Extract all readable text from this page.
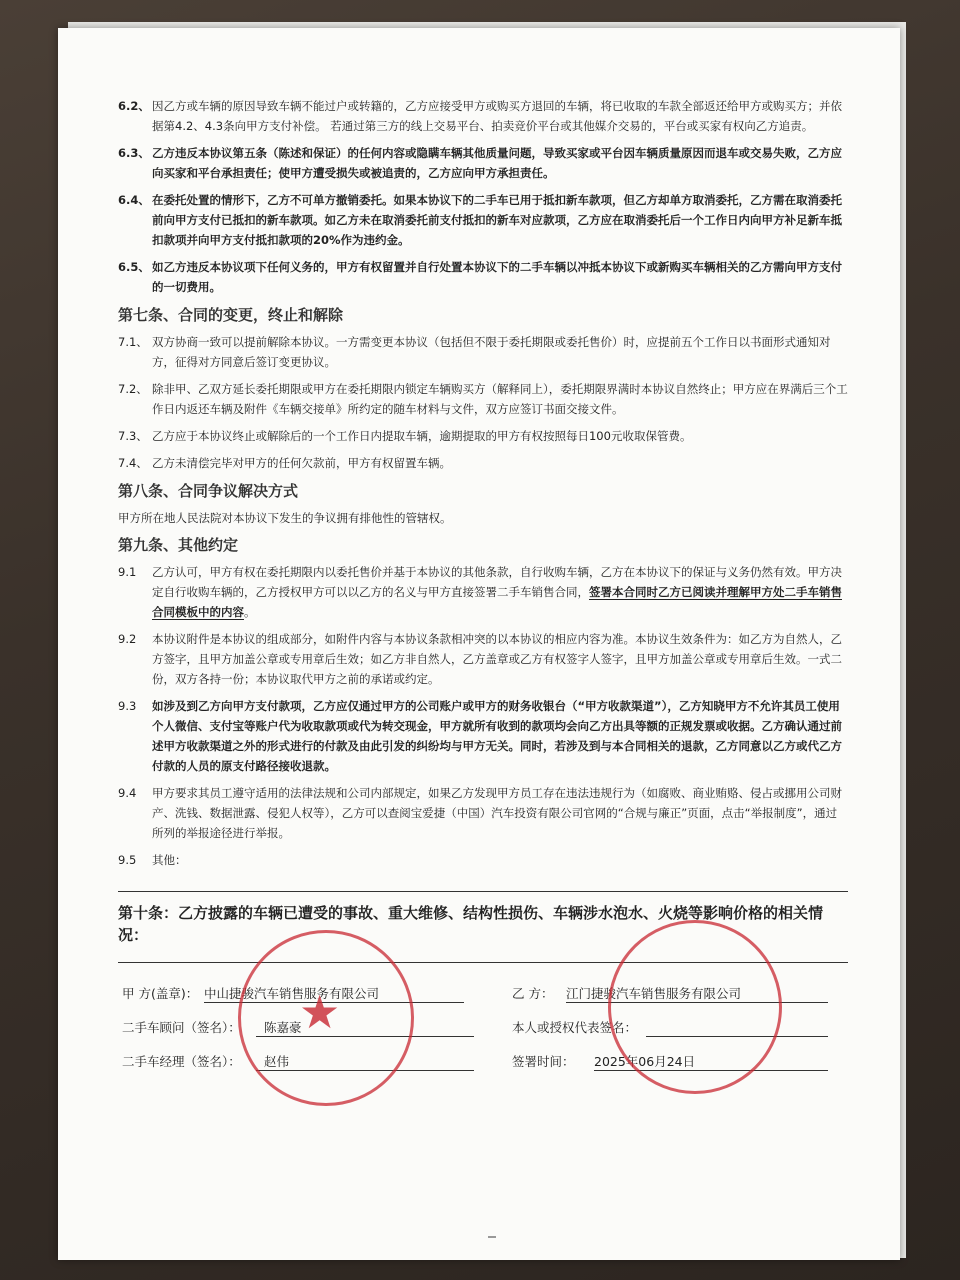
6.2、 因乙方或车辆的原因导致车辆不能过户或转籍的，乙方应接受甲方或购买方退回的车辆，将已收取的车款全部返还给甲方或购买方；并依据第4.2、4.3条向甲方支付补偿。 若通过第三方的线上交易平台、拍卖竞价平台或其他媒介交易的，平台或买家有权向乙方追责。
6.3、 乙方违反本协议第五条（陈述和保证）的任何内容或隐瞒车辆其他质量问题，导致买家或平台因车辆质量原因而退车或交易失败，乙方应向买家和平台承担责任；使甲方遭受损失或被追责的，乙方应向甲方承担责任。
6.4、 在委托处置的情形下，乙方不可单方撤销委托。如果本协议下的二手车已用于抵扣新车款项，但乙方却单方取消委托，乙方需在取消委托前向甲方支付已抵扣的新车款项。如乙方未在取消委托前支付抵扣的新车对应款项，乙方应在取消委托后一个工作日内向甲方补足新车抵扣款项并向甲方支付抵扣款项的20%作为违约金。
6.5、 如乙方违反本协议项下任何义务的，甲方有权留置并自行处置本协议下的二手车辆以冲抵本协议下或新购买车辆相关的乙方需向甲方支付的一切费用。
第七条、合同的变更，终止和解除
7.1、 双方协商一致可以提前解除本协议。一方需变更本协议（包括但不限于委托期限或委托售价）时，应提前五个工作日以书面形式通知对方，征得对方同意后签订变更协议。
7.2、 除非甲、乙双方延长委托期限或甲方在委托期限内锁定车辆购买方（解释同上），委托期限界满时本协议自然终止；甲方应在界满后三个工作日内返还车辆及附件《车辆交接单》所约定的随车材料与文件，双方应签订书面交接文件。
7.3、 乙方应于本协议终止或解除后的一个工作日内提取车辆，逾期提取的甲方有权按照每日100元收取保管费。
7.4、 乙方未清偿完毕对甲方的任何欠款前，甲方有权留置车辆。
第八条、合同争议解决方式
甲方所在地人民法院对本协议下发生的争议拥有排他性的管辖权。
第九条、其他约定
9.1	乙方认可，甲方有权在委托期限内以委托售价并基于本协议的其他条款，自行收购车辆，乙方在本协议下的保证与义务仍然有效。甲方决定自行收购车辆的，乙方授权甲方可以以乙方的名义与甲方直接签署二手车销售合同，签署本合同时乙方已阅读并理解甲方处二手车销售合同模板中的内容。
9.2	本协议附件是本协议的组成部分，如附件内容与本协议条款相冲突的以本协议的相应内容为准。本协议生效条件为：如乙方为自然人，乙方签字，且甲方加盖公章或专用章后生效；如乙方非自然人，乙方盖章或乙方有权签字人签字，且甲方加盖公章或专用章后生效。一式二份，双方各持一份；本协议取代甲方之前的承诺或约定。
9.3	如涉及到乙方向甲方支付款项，乙方应仅通过甲方的公司账户或甲方的财务收银台（“甲方收款渠道”），乙方知晓甲方不允许其员工使用个人微信、支付宝等账户代为收取款项或代为转交现金，甲方就所有收到的款项均会向乙方出具等额的正规发票或收据。乙方确认通过前述甲方收款渠道之外的形式进行的付款及由此引发的纠纷均与甲方无关。同时，若涉及到与本合同相关的退款，乙方同意以乙方或代乙方付款的人员的原支付路径接收退款。
9.4	甲方要求其员工遵守适用的法律法规和公司内部规定，如果乙方发现甲方员工存在违法违规行为（如腐败、商业贿赂、侵占或挪用公司财产、洗钱、数据泄露、侵犯人权等），乙方可以查阅宝爱捷（中国）汽车投资有限公司官网的“合规与廉正”页面，点击“举报制度”，通过所列的举报途径进行举报。
9.5	其他：
第十条：乙方披露的车辆已遭受的事故、重大维修、结构性损伤、车辆涉水泡水、火烧等影响价格的相关情况：
甲 方(盖章)： 中山捷骏汽车销售服务有限公司
二手车顾问（签名）：	陈嘉豪
二手车经理（签名）：	赵伟
乙 方： 江门捷骏汽车销售服务有限公司
本人或授权代表签名：
签署时间： 2025年06月24日
★
